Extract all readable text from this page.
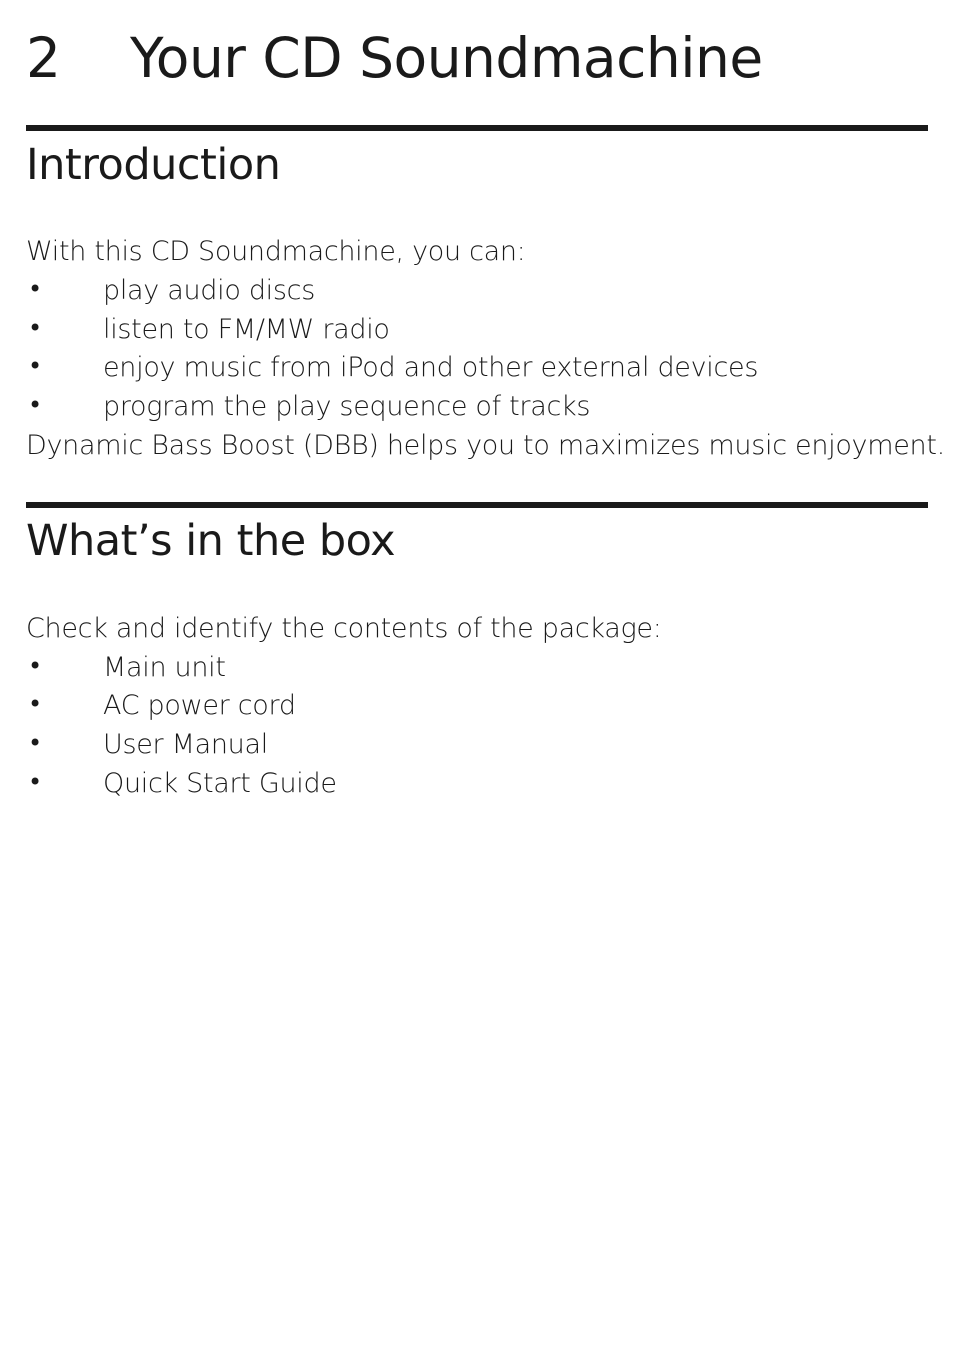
2	Your CD Soundmachine
Introduction
With this CD Soundmachine, you can:
• play audio discs
• listen to FM/MW radio
• enjoy music from iPod and other external devices
• program the play sequence of tracks
Dynamic Bass Boost (DBB) helps you to maximizes music enjoyment.
What’s in the box
Check and identify the contents of the package:
• Main unit
• AC power cord
• User Manual
• Quick Start Guide
